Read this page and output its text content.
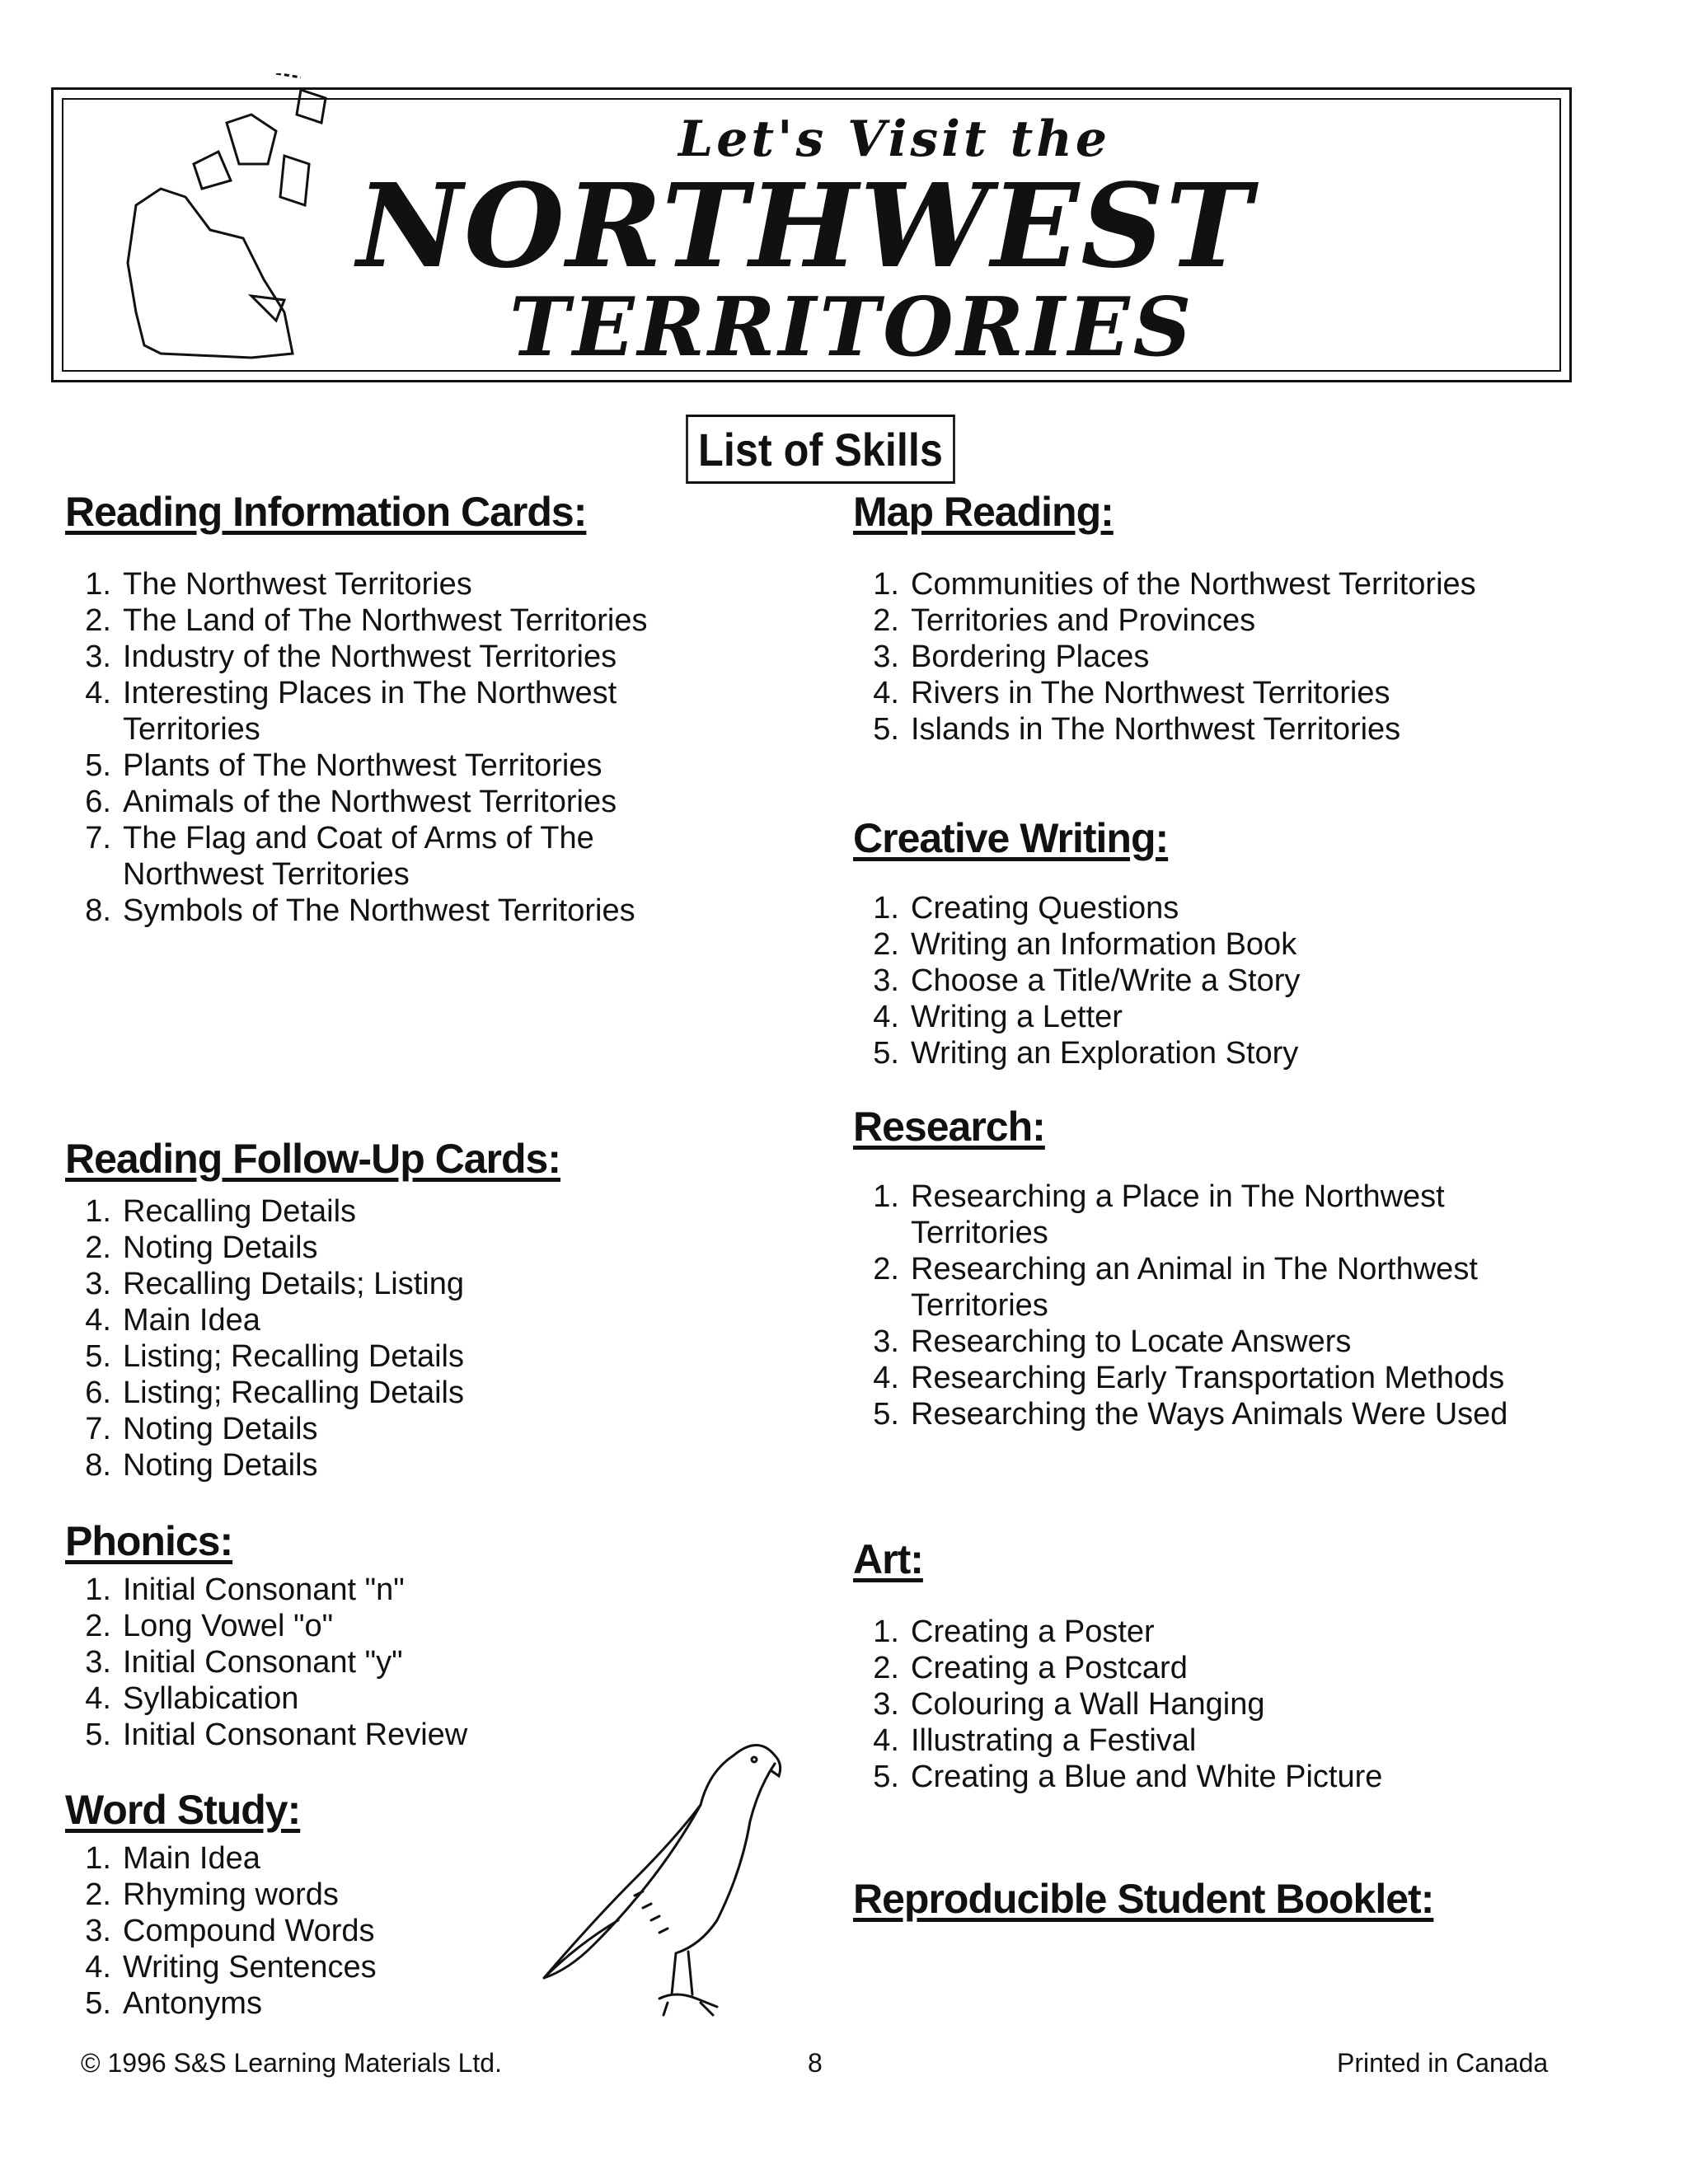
Let's Visit the
NORTHWEST
TERRITORIES
List of Skills
Reading Information Cards:
1. The Northwest Territories
2. The Land of The Northwest Territories
3. Industry of the Northwest Territories
4. Interesting Places in The Northwest Territories
5. Plants of The Northwest Territories
6. Animals of the Northwest Territories
7. The Flag and Coat of Arms of The Northwest Territories
8. Symbols of The Northwest Territories
Reading Follow-Up Cards:
1. Recalling Details
2. Noting Details
3. Recalling Details; Listing
4. Main Idea
5. Listing; Recalling Details
6. Listing; Recalling Details
7. Noting Details
8. Noting Details
Phonics:
1. Initial Consonant "n"
2. Long Vowel "o"
3. Initial Consonant "y"
4. Syllabication
5. Initial Consonant Review
Word Study:
1. Main Idea
2. Rhyming words
3. Compound Words
4. Writing Sentences
5. Antonyms
Map Reading:
1. Communities of the Northwest Territories
2. Territories and Provinces
3. Bordering Places
4. Rivers in The Northwest Territories
5. Islands in The Northwest Territories
Creative Writing:
1. Creating Questions
2. Writing an Information Book
3. Choose a Title/Write a Story
4. Writing a Letter
5. Writing an Exploration Story
Research:
1. Researching a Place in The Northwest Territories
2. Researching an Animal in The Northwest Territories
3. Researching to Locate Answers
4. Researching Early Transportation Methods
5. Researching the Ways Animals Were Used
Art:
1. Creating a Poster
2. Creating a Postcard
3. Colouring a Wall Hanging
4. Illustrating a Festival
5. Creating a Blue and White Picture
Reproducible Student Booklet:
© 1996 S&S Learning Materials Ltd.	8	Printed in Canada
